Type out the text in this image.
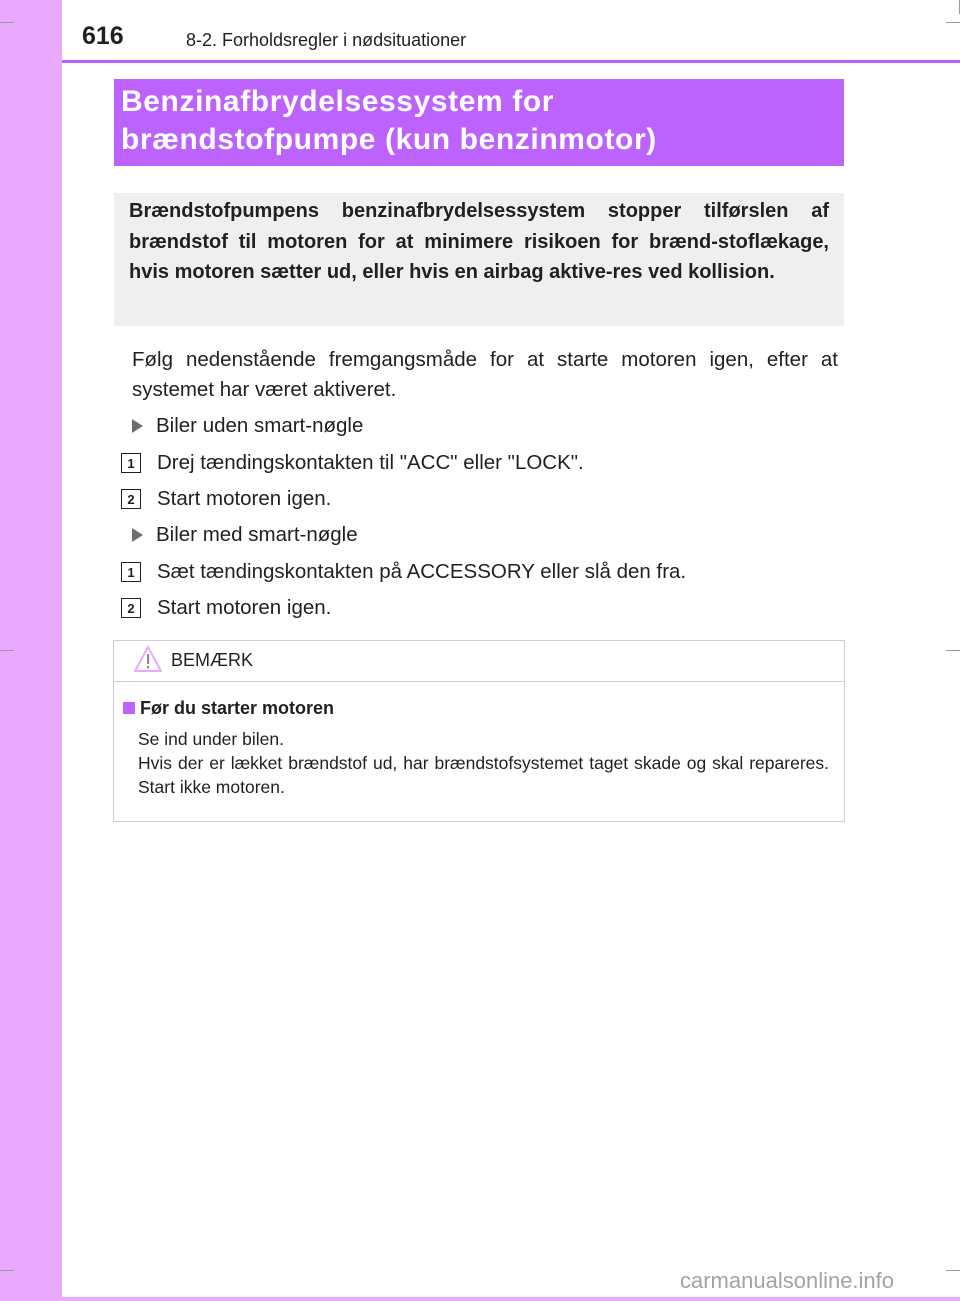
616	8-2. Forholdsregler i nødsituationer
Benzinafbrydelsessystem for
brændstofpumpe (kun benzinmotor)

Brændstofpumpens benzinafbrydelsessystem stopper tilførslen af brændstof til motoren for at minimere risikoen for brænd-stoflækage, hvis motoren sætter ud, eller hvis en airbag aktive-res ved kollision.

Følg nedenstående fremgangsmåde for at starte motoren igen, efter at systemet har været aktiveret.

Biler uden smart-nøgle
1	Drej tændingskontakten til "ACC" eller "LOCK".
2	Start motoren igen.
Biler med smart-nøgle
1	Sæt tændingskontakten på ACCESSORY eller slå den fra.
2	Start motoren igen.
BEMÆRK
Før du starter motoren
Se ind under bilen.
Hvis der er lækket brændstof ud, har brændstofsystemet taget skade og skal repareres. Start ikke motoren.
carmanualsonline.info
